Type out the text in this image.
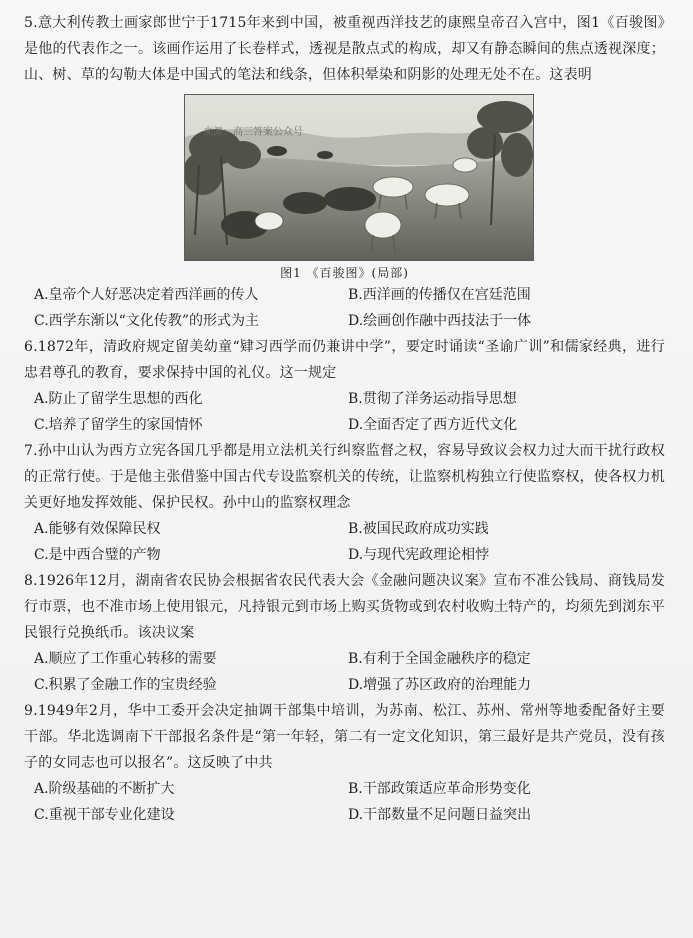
5.意大利传教士画家郎世宁于1715年来到中国，被重视西洋技艺的康熙皇帝召入宫中，图1《百骏图》是他的代表作之一。该画作运用了长卷样式，透视是散点式的构成，却又有静态瞬间的焦点透视深度；山、树、草的勾勒大体是中国式的笔法和线条，但体积晕染和阴影的处理无处不在。这表明
来源：高三答案公众号
图1 《百骏图》(局部)
A.皇帝个人好恶决定着西洋画的传人	B.西洋画的传播仅在宫廷范围
C.西学东渐以“文化传教”的形式为主	D.绘画创作融中西技法于一体
6.1872年，清政府规定留美幼童“肄习西学而仍兼讲中学”，要定时诵读“圣谕广训”和儒家经典，进行忠君尊孔的教育，要求保持中国的礼仪。这一规定
A.防止了留学生思想的西化	B.贯彻了洋务运动指导思想
C.培养了留学生的家国情怀	D.全面否定了西方近代文化
7.孙中山认为西方立宪各国几乎都是用立法机关行纠察监督之权，容易导致议会权力过大而干扰行政权的正常行使。于是他主张借鉴中国古代专设监察机关的传统，让监察机构独立行使监察权，使各权力机关更好地发挥效能、保护民权。孙中山的监察权理念
A.能够有效保障民权	B.被国民政府成功实践
C.是中西合璧的产物	D.与现代宪政理论相悖
8.1926年12月，湖南省农民协会根据省农民代表大会《金融问题决议案》宣布不准公钱局、商钱局发行市票，也不准市场上使用银元，凡持银元到市场上购买货物或到农村收购土特产的，均须先到浏东平民银行兑换纸币。该决议案
A.顺应了工作重心转移的需要	B.有利于全国金融秩序的稳定
C.积累了金融工作的宝贵经验	D.增强了苏区政府的治理能力
9.1949年2月，华中工委开会决定抽调干部集中培训，为苏南、松江、苏州、常州等地委配备好主要干部。华北选调南下干部报名条件是“第一年轻，第二有一定文化知识，第三最好是共产党员，没有孩子的女同志也可以报名”。这反映了中共
A.阶级基础的不断扩大	B.干部政策适应革命形势变化
C.重视干部专业化建设	D.干部数量不足问题日益突出
